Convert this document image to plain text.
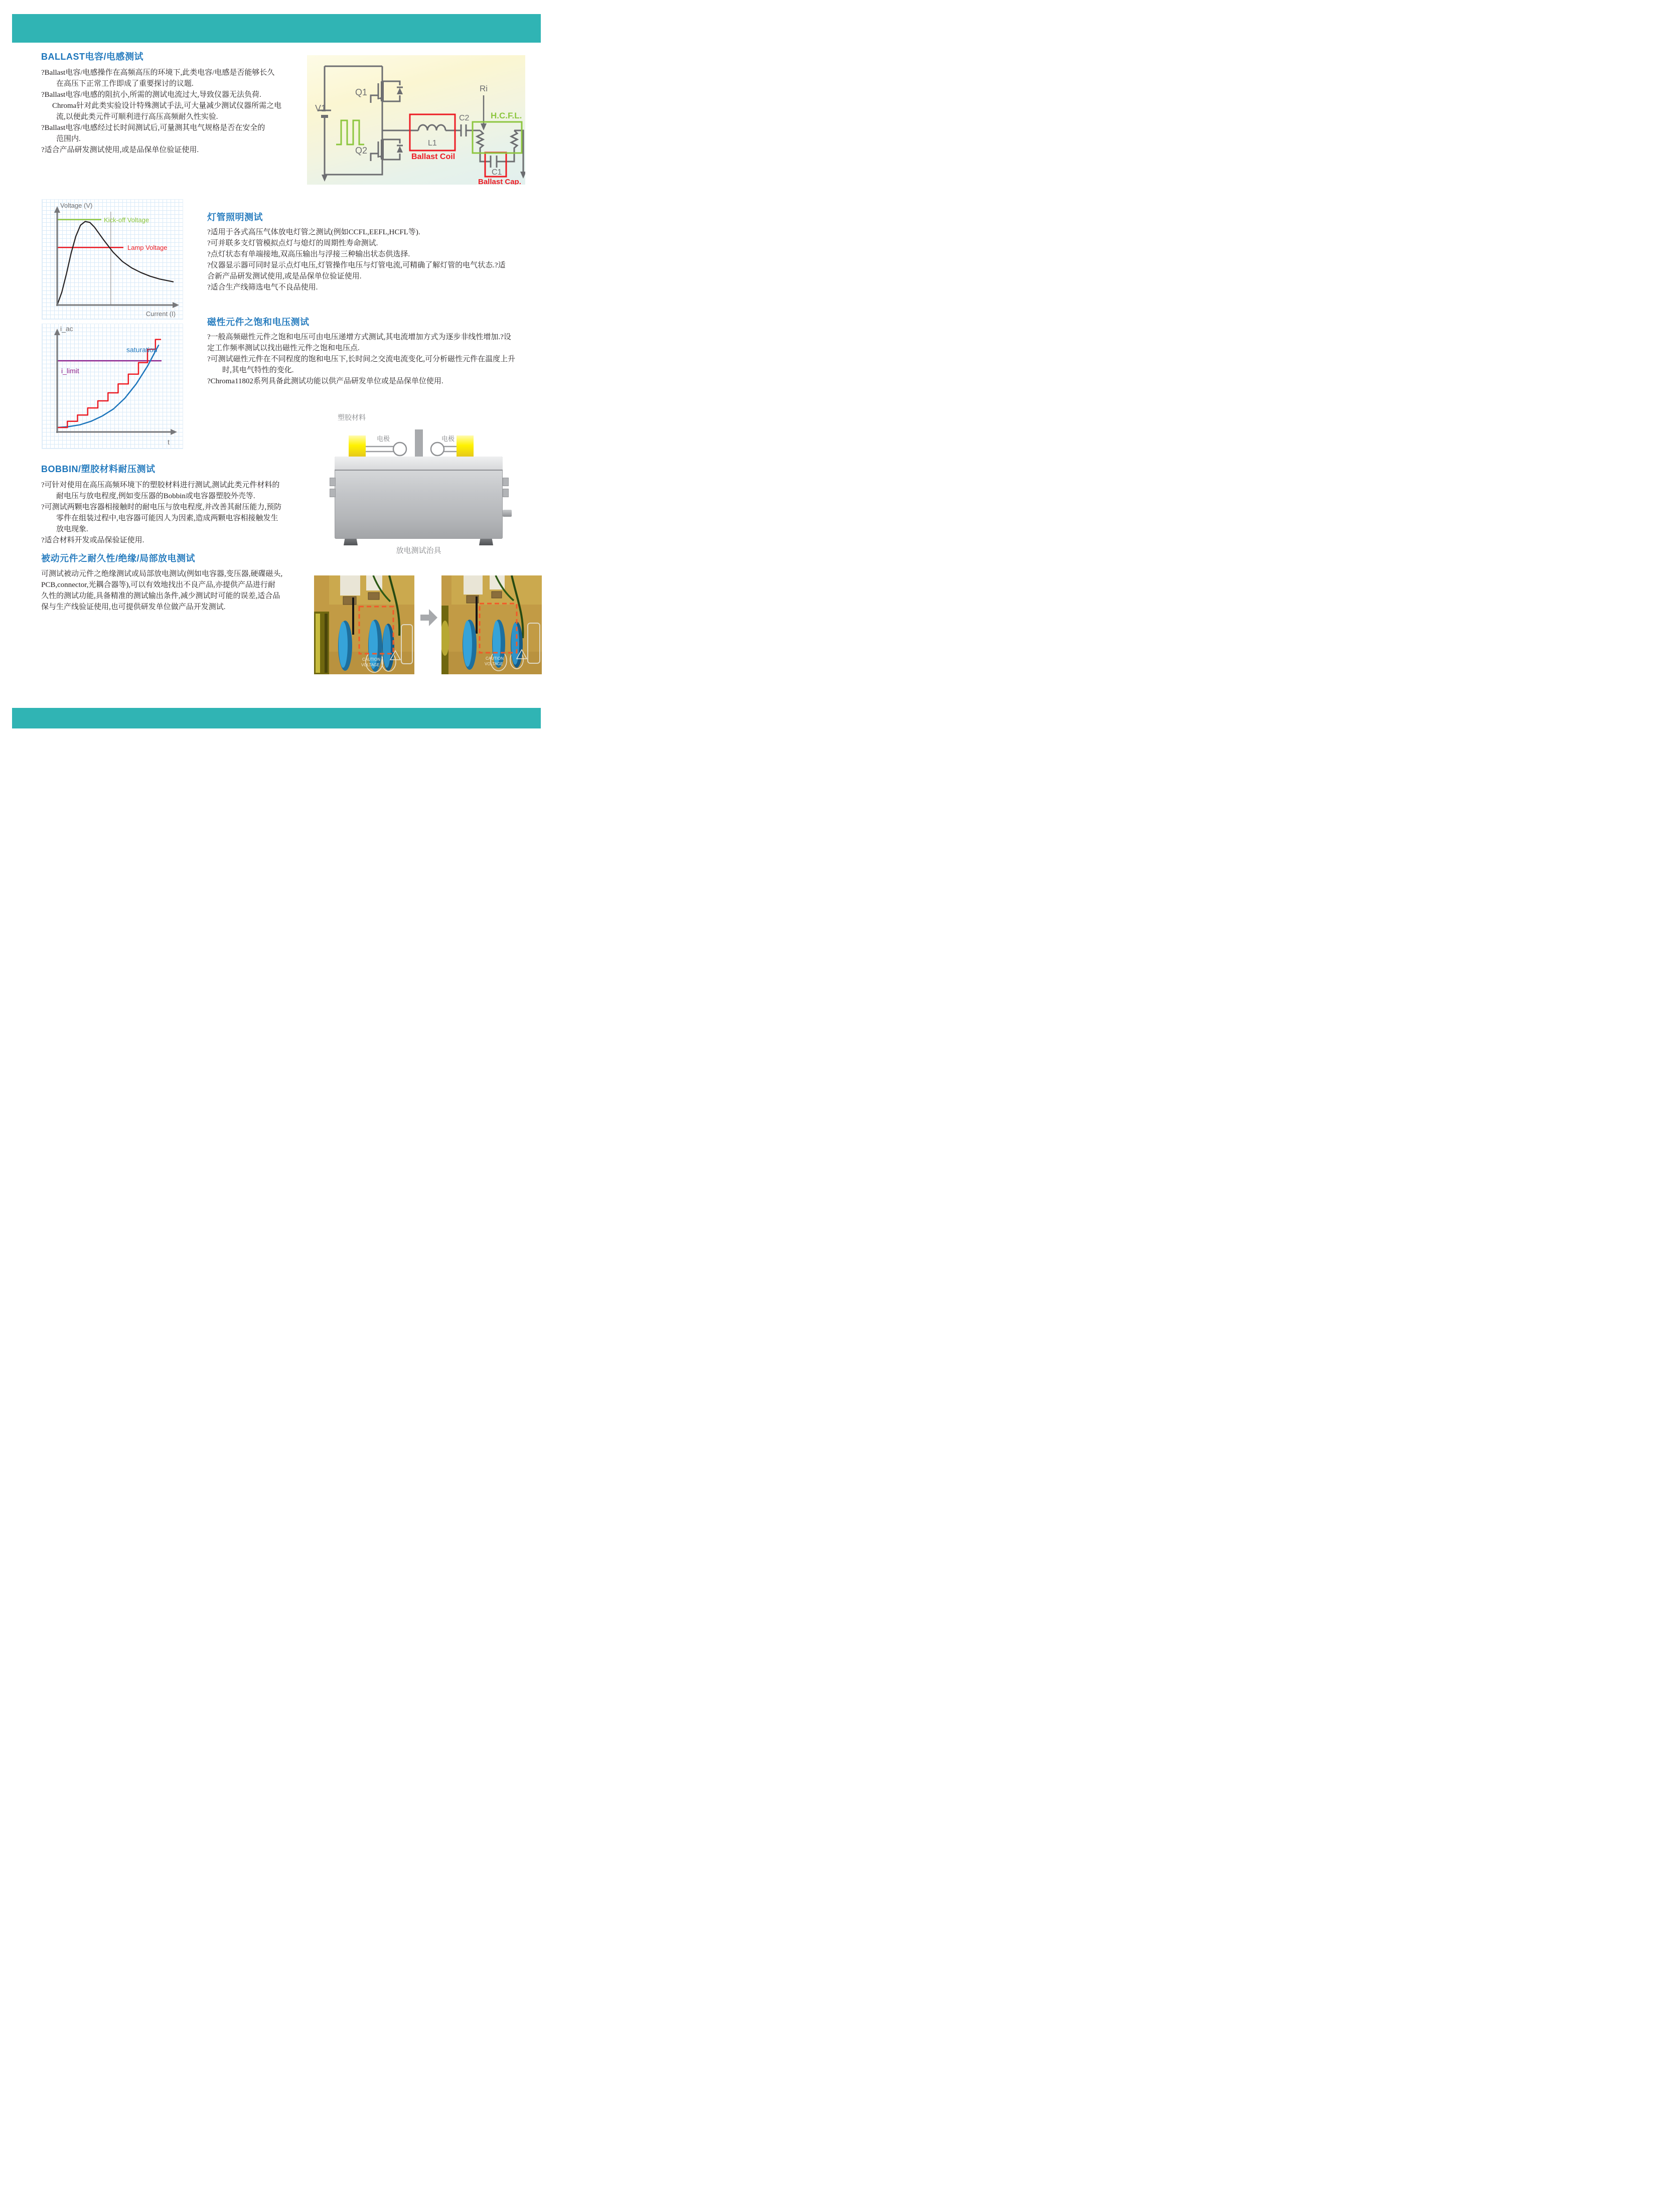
BALLAST电容/电感测试
?Ballast电容/电感操作在高频高压的环境下,此类电容/电感是否能够长久
在高压下正常工作即成了重要探讨的议题.
?Ballast电容/电感的阻抗小,所需的测试电流过大,导致仪器无法负荷.
Chroma针对此类实验设计特殊测试手法,可大量减少测试仪器所需之电
流,以便此类元件可顺利进行高压高频耐久性实验.
?Ballast电容/电感经过长时间测试后,可量测其电气规格是否在安全的
范围内.
?适合产品研发测试使用,或是品保单位验证使用.
V1
Q1
Q2
L1
C2
C1
Ri
H.C.F.L.
Ballast Coil
Ballast Cap.
Voltage (V)
Current (I)
Kick-off Voltage
Lamp Voltage
灯管照明测试
?适用于各式高压气体放电灯管之测试(例如CCFL,EEFL,HCFL等).
?可并联多支灯管模拟点灯与熄灯的周期性寿命测试.
?点灯状态有单端接地,双高压输出与浮接三种输出状态供选择.
?仪器显示器可同时显示点灯电压,灯管操作电压与灯管电流,可精确了解灯管的电气状态.?适
合新产品研发测试使用,或是品保单位验证使用.
?适合生产线筛选电气不良品使用.
磁性元件之饱和电压测试
?一般高频磁性元件之饱和电压可由电压递增方式测试,其电流增加方式为逐步非线性增加.?设
定工作频率测试以找出磁性元件之饱和电压点.
?可测试磁性元件在不同程度的饱和电压下,长时间之交流电流变化,可分析磁性元件在温度上升
时,其电气特性的变化.
?Chroma11802系列具备此测试功能以供产品研发单位或是品保单位使用.
i_ac
t
saturation
i_limit
塑胶材料
电极	电极
放电测试治具
BOBBIN/塑胶材料耐压测试
?可针对使用在高压高频环境下的塑胶材料进行测试,测试此类元件材料的
耐电压与放电程度,例如变压器的Bobbin或电容器塑胶外壳等.
?可测试两颗电容器相接触时的耐电压与放电程度,并改善其耐压能力,预防
零件在组装过程中,电容器可能因人为因素,造成两颗电容相接触发生
放电现象.
?适合材料开发或品保验证使用.
被动元件之耐久性/绝缘/局部放电测试
可测试被动元件之绝缘测试或局部放电测试(例如电容器,变压器,硬碟磁头,
PCB,connector,光耦合器等),可以有效地找出不良产品,亦提供产品进行耐
久性的测试功能,具备精准的测试输出条件,减少测试时可能的误差,适合品
保与生产线验证使用,也可提供研发单位做产品开发测试.
CAUTION
VOLTAGE
CAUTION
VOLTAGE
